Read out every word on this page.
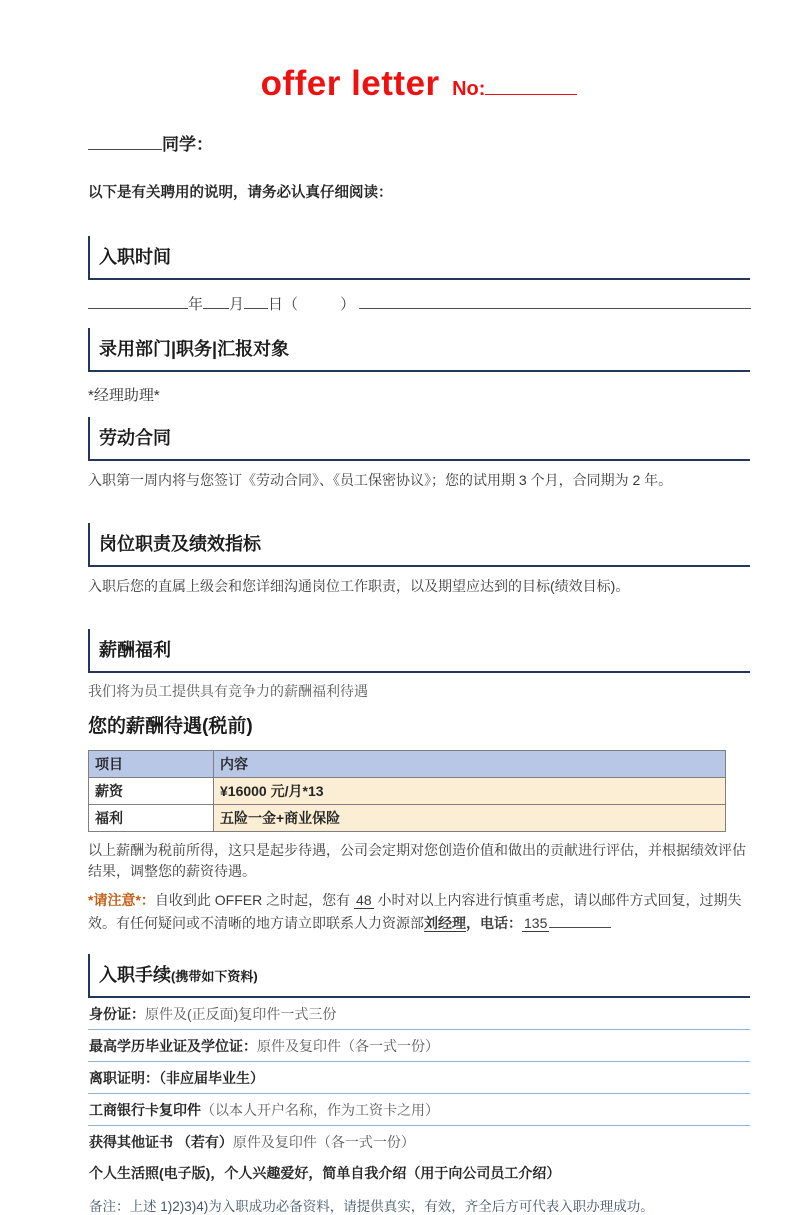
offer letter No:
同学：
以下是有关聘用的说明，请务必认真仔细阅读：
入职时间
年 月 日（	）
录用部门|职务|汇报对象
*经理助理*
劳动合同
入职第一周内将与您签订《劳动合同》、《员工保密协议》；您的试用期 3 个月，合同期为 2 年。
岗位职责及绩效指标
入职后您的直属上级会和您详细沟通岗位工作职责，以及期望应达到的目标(绩效目标)。
薪酬福利
我们将为员工提供具有竞争力的薪酬福利待遇
您的薪酬待遇(税前)
项目	内容
薪资	¥16000 元/月*13
福利	五险一金+商业保险
以上薪酬为税前所得，这只是起步待遇，公司会定期对您创造价值和做出的贡献进行评估，并根据绩效评估结果，调整您的薪资待遇。
*请注意*：自收到此 OFFER 之时起，您有 48 小时对以上内容进行慎重考虑，请以邮件方式回复，过期失效。有任何疑问或不清晰的地方请立即联系人力资源部刘经理，电话： 135
入职手续(携带如下资料)
身份证：原件及(正反面)复印件一式三份
最高学历毕业证及学位证：原件及复印件（各一式一份）
离职证明：（非应届毕业生）
工商银行卡复印件（以本人开户名称，作为工资卡之用）
获得其他证书 （若有）原件及复印件（各一式一份）
个人生活照(电子版)，个人兴趣爱好，简单自我介绍（用于向公司员工介绍）
备注：上述 1)2)3)4)为入职成功必备资料，请提供真实，有效，齐全后方可代表入职办理成功。
